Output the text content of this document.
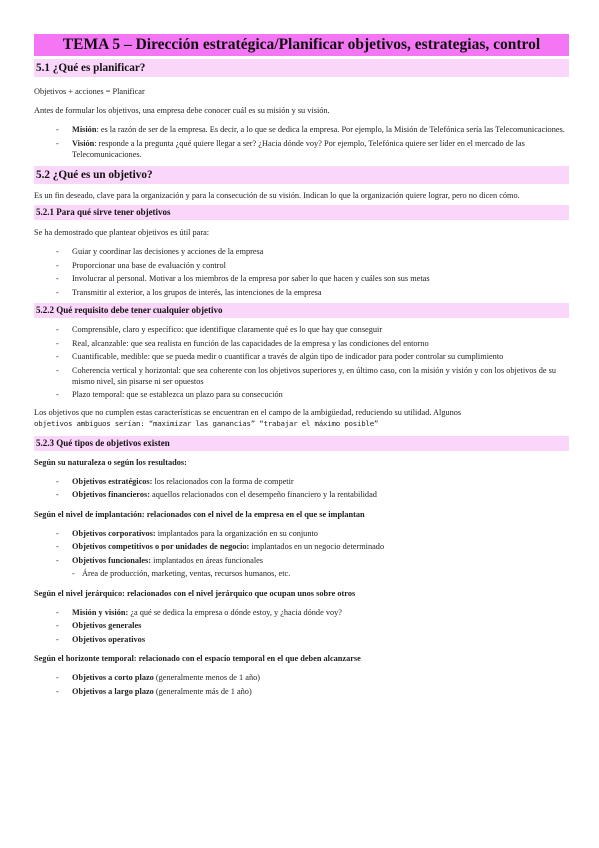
TEMA 5 – Dirección estratégica/Planificar objetivos, estrategias, control
5.1 ¿Qué es planificar?

Objetivos + acciones = Planificar

Antes de formular los objetivos, una empresa debe conocer cuál es su misión y su visión.

- Misión: es la razón de ser de la empresa. Es decir, a lo que se dedica la empresa. Por ejemplo, la Misión de Telefónica sería las Telecomunicaciones.
- Visión: responde a la pregunta ¿qué quiere llegar a ser? ¿Hacia dónde voy? Por ejemplo, Telefónica quiere ser líder en el mercado de las Telecomunicaciones.
5.2 ¿Qué es un objetivo?

Es un fin deseado, clave para la organización y para la consecución de su visión. Indican lo que la organización quiere lograr, pero no dicen cómo.

5.2.1 Para qué sirve tener objetivos

Se ha demostrado que plantear objetivos es útil para:

- Guiar y coordinar las decisiones y acciones de la empresa
- Proporcionar una base de evaluación y control
- Involucrar al personal. Motivar a los miembros de la empresa por saber lo que hacen y cuáles son sus metas
- Transmitir al exterior, a los grupos de interés, las intenciones de la empresa
5.2.2 Qué requisito debe tener cualquier objetivo
- Comprensible, claro y específico: que identifique claramente qué es lo que hay que conseguir
- Real, alcanzable: que sea realista en función de las capacidades de la empresa y las condiciones del entorno
- Cuantificable, medible: que se pueda medir o cuantificar a través de algún tipo de indicador para poder controlar su cumplimiento
- Coherencia vertical y horizontal: que sea coherente con los objetivos superiores y, en último caso, con la misión y visión y con los objetivos de su mismo nivel, sin pisarse ni ser opuestos
- Plazo temporal: que se establezca un plazo para su consecución

Los objetivos que no cumplen estas características se encuentran en el campo de la ambigüedad, reduciendo su utilidad. Algunos

objetivos ambiguos serían: “maximizar las ganancias” “trabajar el máximo posible”

5.2.3 Qué tipos de objetivos existen

Según su naturaleza o según los resultados:

- Objetivos estratégicos: los relacionados con la forma de competir
- Objetivos financieros: aquellos relacionados con el desempeño financiero y la rentabilidad

Según el nivel de implantación: relacionados con el nivel de la empresa en el que se implantan

- Objetivos corporativos: implantados para la organización en su conjunto
- Objetivos competitivos o por unidades de negocio: implantados en un negocio determinado
- Objetivos funcionales: implantados en áreas funcionales
- Área de producción, marketing, ventas, recursos humanos, etc.

Según el nivel jerárquico: relacionados con el nivel jerárquico que ocupan unos sobre otros

- Misión y visión: ¿a qué se dedica la empresa o dónde estoy, y ¿hacia dónde voy?
- Objetivos generales
- Objetivos operativos

Según el horizonte temporal: relacionado con el espacio temporal en el que deben alcanzarse

- Objetivos a corto plazo (generalmente menos de 1 año)
- Objetivos a largo plazo (generalmente más de 1 año)
